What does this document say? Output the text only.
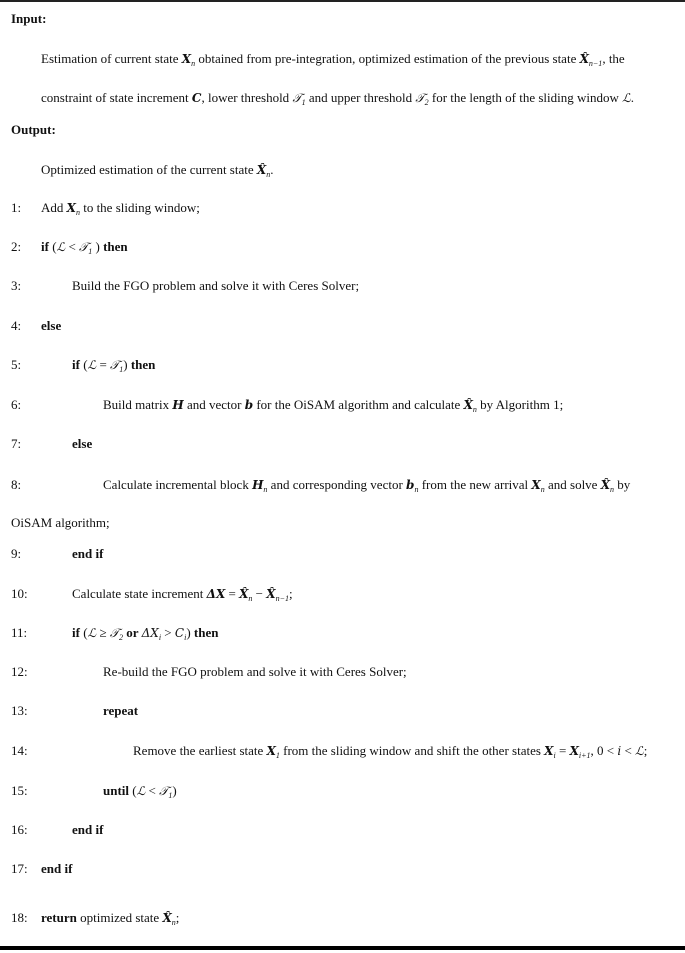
Input:
Estimation of current state $X_n$ obtained from pre-integration, optimized estimation of the previous state $X̂_{n-1}$, the
constraint of state increment C, lower threshold 𝒯$_1$ and upper threshold 𝒯$_2$ for the length of the sliding window ℒ.
Output:
Optimized estimation of the current state $X̂_n$.
1: Add $X_n$ to the sliding window;
2: if (ℒ < 𝒯$_1$ ) then
3:	Build the FGO problem and solve it with Ceres Solver;
4: else
5:	if (ℒ = 𝒯$_1$) then
6:	Build matrix H and vector b for the OiSAM algorithm and calculate $X̂_n$ by Algorithm 1;
7:	else
8:	Calculate incremental block $H_n$ and corresponding vector $b_n$ from the new arrival $X_n$ and solve $X̂_n$ by
OiSAM algorithm;
9:	end if
10:	Calculate state increment $\Delta X = X̂_n$ − $X̂_{n-1}$;
11:	if (ℒ ≥ 𝒯$_2$ or $\Delta X_i > C_i$) then
12:	Re-build the FGO problem and solve it with Ceres Solver;
13:	repeat
14:	Remove the earliest state $X_1$ from the sliding window and shift the other states $X_i = X_{i+1}$, 0 < i < ℒ;
15:	until (ℒ < 𝒯$_1$)
16:	end if
17: end if
18: return optimized state $X̂_n$;
